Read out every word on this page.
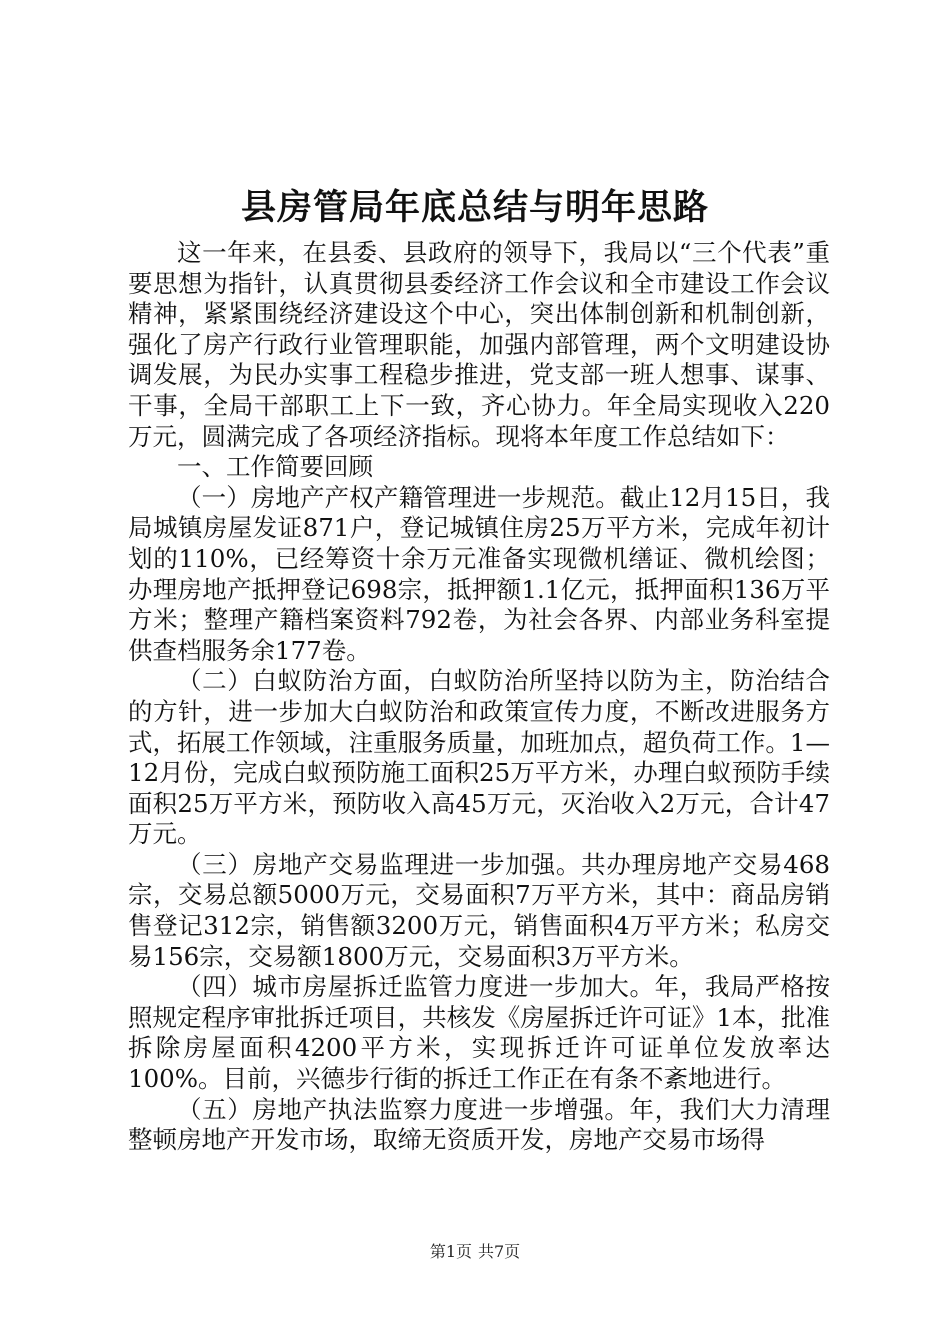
县房管局年底总结与明年思路

这一年来，在县委、县政府的领导下，我局以“三个代表”重要思想为指针，认真贯彻县委经济工作会议和全市建设工作会议精神，紧紧围绕经济建设这个中心，突出体制创新和机制创新，强化了房产行政行业管理职能，加强内部管理，两个文明建设协调发展，为民办实事工程稳步推进，党支部一班人想事、谋事、干事，全局干部职工上下一致，齐心协力。年全局实现收入220万元，圆满完成了各项经济指标。现将本年度工作总结如下：

一、工作简要回顾

（一）房地产产权产籍管理进一步规范。截止12月15日，我局城镇房屋发证871户，登记城镇住房25万平方米，完成年初计划的110%，已经筹资十余万元准备实现微机缮证、微机绘图；办理房地产抵押登记698宗，抵押额1.1亿元，抵押面积136万平方米；整理产籍档案资料792卷，为社会各界、内部业务科室提供查档服务余177卷。

（二）白蚁防治方面，白蚁防治所坚持以防为主，防治结合的方针，进一步加大白蚁防治和政策宣传力度，不断改进服务方式，拓展工作领域，注重服务质量，加班加点，超负荷工作。1—12月份，完成白蚁预防施工面积25万平方米，办理白蚁预防手续面积25万平方米，预防收入高45万元，灭治收入2万元，合计47万元。

（三）房地产交易监理进一步加强。共办理房地产交易468宗，交易总额5000万元，交易面积7万平方米，其中：商品房销售登记312宗，销售额3200万元，销售面积4万平方米；私房交易156宗，交易额1800万元，交易面积3万平方米。

（四）城市房屋拆迁监管力度进一步加大。年，我局严格按照规定程序审批拆迁项目，共核发《房屋拆迁许可证》1本，批准拆除房屋面积4200平方米，实现拆迁许可证单位发放率达100%。目前，兴德步行街的拆迁工作正在有条不紊地进行。

（五）房地产执法监察力度进一步增强。年，我们大力清理整顿房地产开发市场，取缔无资质开发，房地产交易市场得

第1页 共7页
